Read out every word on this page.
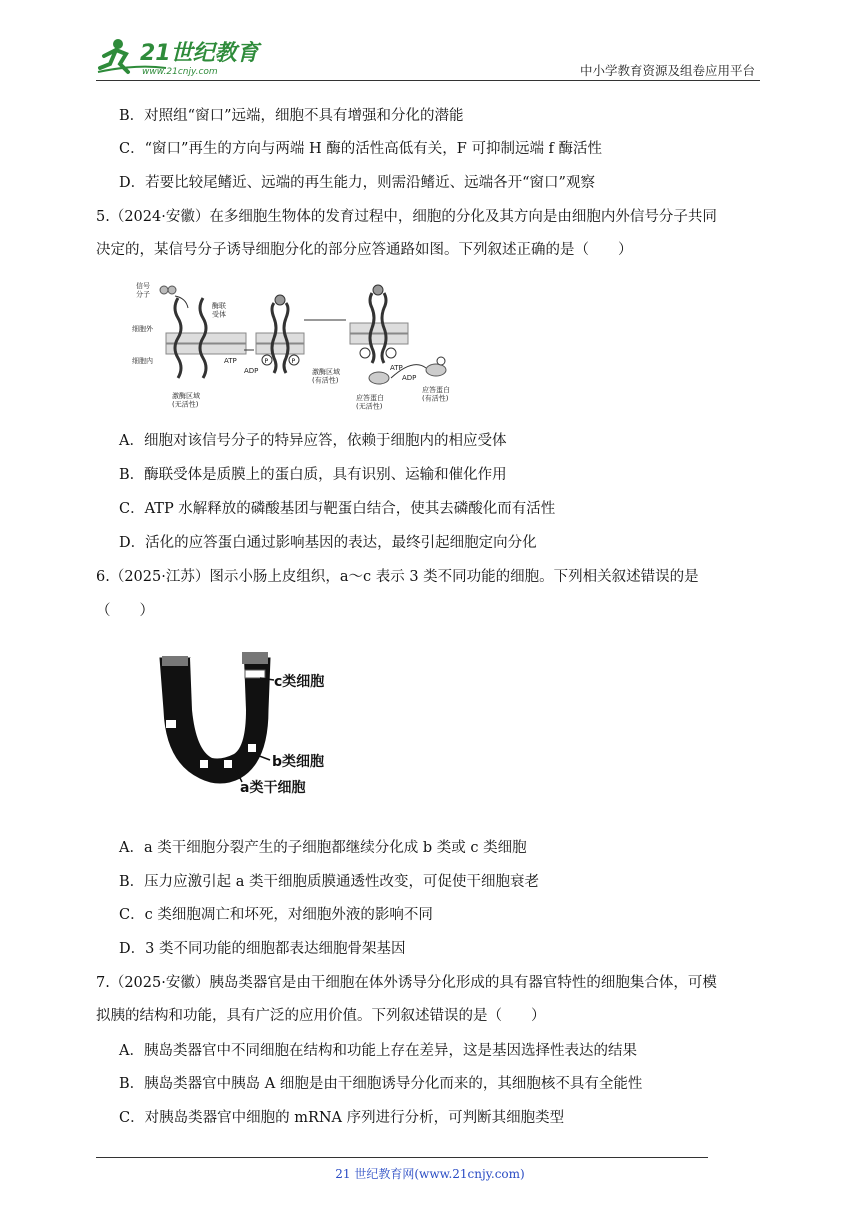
21世纪教育
www.21cnjy.com	中小学教育资源及组卷应用平台
B．对照组“窗口”远端，细胞不具有增强和分化的潜能
C．“窗口”再生的方向与两端 H 酶的活性高低有关，F 可抑制远端 f 酶活性
D．若要比较尾鳍近、远端的再生能力，则需沿鳍近、远端各开“窗口”观察
5.（2024·安徽）在多细胞生物体的发育过程中，细胞的分化及其方向是由细胞内外信号分子共同
决定的，某信号分子诱导细胞分化的部分应答通路如图。下列叙述正确的是（　　）
P	P
信号分子
酶联受体
细胞外
细胞内	ATP
ADP
激酶区域(无活性)
激酶区域(有活性)
ATP
ADP
应答蛋白(无活性)
应答蛋白(有活性)
A．细胞对该信号分子的特异应答，依赖于细胞内的相应受体
B．酶联受体是质膜上的蛋白质，具有识别、运输和催化作用
C．ATP 水解释放的磷酸基团与靶蛋白结合，使其去磷酸化而有活性
D．活化的应答蛋白通过影响基因的表达，最终引起细胞定向分化
6.（2025·江苏）图示小肠上皮组织，a～c 表示 3 类不同功能的细胞。下列相关叙述错误的是
（　　）
c类细胞
b类细胞
a类干细胞
A．a 类干细胞分裂产生的子细胞都继续分化成 b 类或 c 类细胞
B．压力应激引起 a 类干细胞质膜通透性改变，可促使干细胞衰老
C．c 类细胞凋亡和坏死，对细胞外液的影响不同
D．3 类不同功能的细胞都表达细胞骨架基因
7.（2025·安徽）胰岛类器官是由干细胞在体外诱导分化形成的具有器官特性的细胞集合体，可模
拟胰的结构和功能，具有广泛的应用价值。下列叙述错误的是（　　）
A．胰岛类器官中不同细胞在结构和功能上存在差异，这是基因选择性表达的结果
B．胰岛类器官中胰岛 A 细胞是由干细胞诱导分化而来的，其细胞核不具有全能性
C．对胰岛类器官中细胞的 mRNA 序列进行分析，可判断其细胞类型
21 世纪教育网(www.21cnjy.com)
